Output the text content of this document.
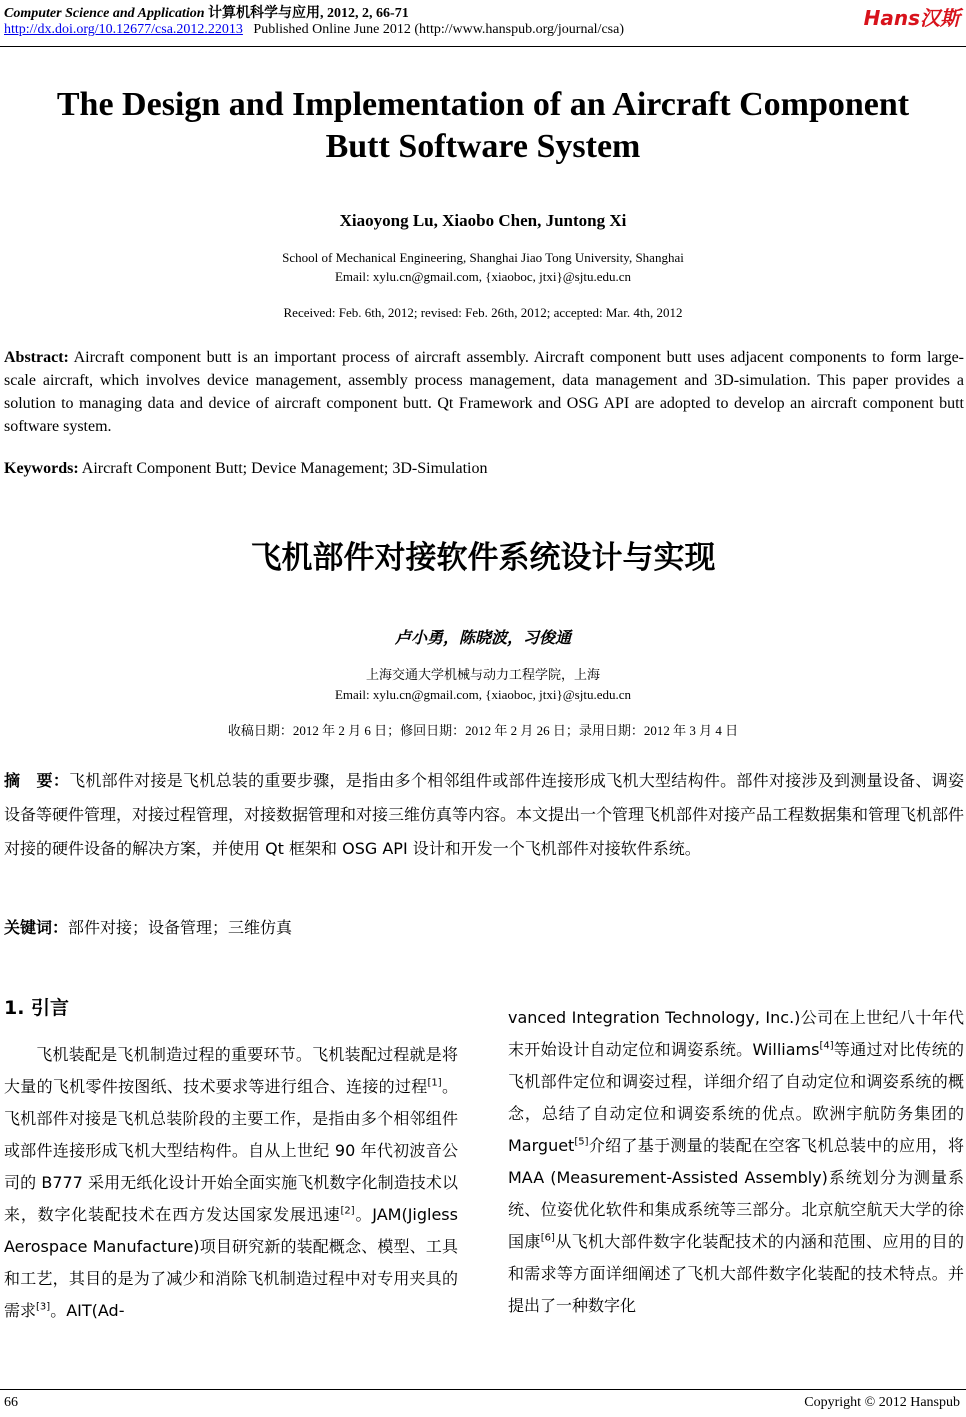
Computer Science and Application 计算机科学与应用, 2012, 2, 66-71
http://dx.doi.org/10.12677/csa.2012.22013 Published Online June 2012 (http://www.hanspub.org/journal/csa)	Hans汉斯
The Design and Implementation of an Aircraft Component
Butt Software System
Xiaoyong Lu, Xiaobo Chen, Juntong Xi
School of Mechanical Engineering, Shanghai Jiao Tong University, Shanghai
Email: xylu.cn@gmail.com, {xiaoboc, jtxi}@sjtu.edu.cn
Received: Feb. 6th, 2012; revised: Feb. 26th, 2012; accepted: Mar. 4th, 2012
Abstract: Aircraft component butt is an important process of aircraft assembly. Aircraft component butt uses adjacent components to form large-scale aircraft, which involves device management, assembly process management, data management and 3D-simulation. This paper provides a solution to managing data and device of aircraft component butt. Qt Framework and OSG API are adopted to develop an aircraft component butt software system.
Keywords: Aircraft Component Butt; Device Management; 3D-Simulation
飞机部件对接软件系统设计与实现
卢小勇，陈晓波，习俊通
上海交通大学机械与动力工程学院，上海
Email: xylu.cn@gmail.com, {xiaoboc, jtxi}@sjtu.edu.cn
收稿日期：2012 年 2 月 6 日；修回日期：2012 年 2 月 26 日；录用日期：2012 年 3 月 4 日
摘　要：飞机部件对接是飞机总装的重要步骤，是指由多个相邻组件或部件连接形成飞机大型结构件。部件对接涉及到测量设备、调姿设备等硬件管理，对接过程管理，对接数据管理和对接三维仿真等内容。本文提出一个管理飞机部件对接产品工程数据集和管理飞机部件对接的硬件设备的解决方案，并使用 Qt 框架和 OSG API 设计和开发一个飞机部件对接软件系统。
关键词：部件对接；设备管理；三维仿真
1. 引言
飞机装配是飞机制造过程的重要环节。飞机装配过程就是将大量的飞机零件按图纸、技术要求等进行组合、连接的过程[1]。飞机部件对接是飞机总装阶段的主要工作，是指由多个相邻组件或部件连接形成飞机大型结构件。自从上世纪 90 年代初波音公司的 B777 采用无纸化设计开始全面实施飞机数字化制造技术以来，数字化装配技术在西方发达国家发展迅速[2]。JAM(Jigless Aerospace Manufacture)项目研究新的装配概念、模型、工具和工艺，其目的是为了减少和消除飞机制造过程中对专用夹具的需求[3]。AIT(Ad-
vanced Integration Technology, Inc.)公司在上世纪八十年代末开始设计自动定位和调姿系统。Williams[4]等通过对比传统的飞机部件定位和调姿过程，详细介绍了自动定位和调姿系统的概念，总结了自动定位和调姿系统的优点。欧洲宇航防务集团的 Marguet[5]介绍了基于测量的装配在空客飞机总装中的应用，将 MAA (Measurement-Assisted Assembly)系统划分为测量系统、位姿优化软件和集成系统等三部分。北京航空航天大学的徐国康[6]从飞机大部件数字化装配技术的内涵和范围、应用的目的和需求等方面详细阐述了飞机大部件数字化装配的技术特点。并提出了一种数字化
66	Copyright © 2012 Hanspub
